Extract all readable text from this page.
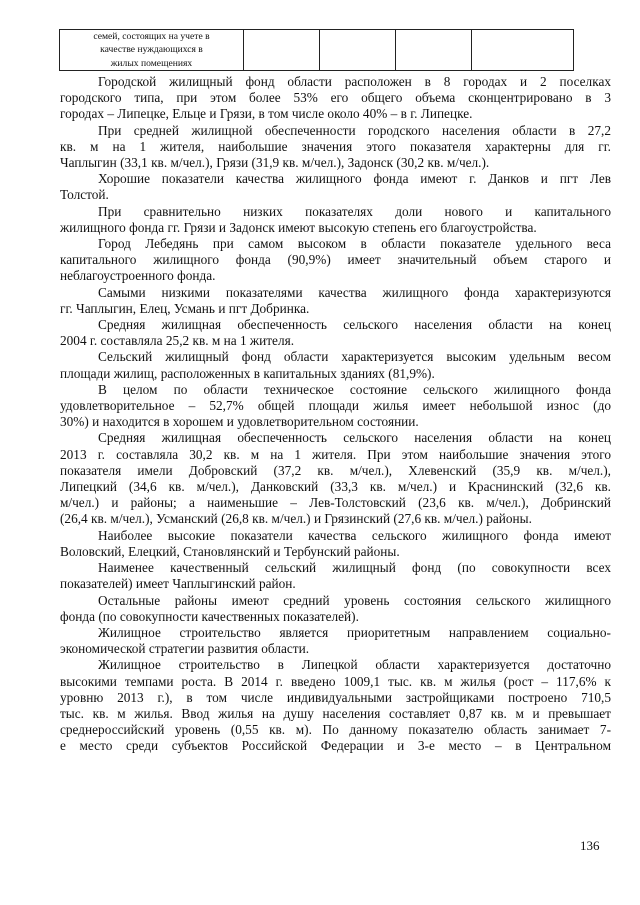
семей, состоящих на учете в
качестве нуждающихся в
жилых помещениях

Городской жилищный фонд области расположен в 8 городах и 2 поселках
городского типа, при этом более 53% его общего объема сконцентрировано в 3
городах – Липецке, Ельце и Грязи, в том числе около 40% – в г. Липецке.
При средней жилищной обеспеченности городского населения области в 27,2
кв. м на 1 жителя, наибольшие значения этого показателя характерны для гг.
Чаплыгин (33,1 кв. м/чел.), Грязи (31,9 кв. м/чел.), Задонск (30,2 кв. м/чел.).
Хорошие показатели качества жилищного фонда имеют г. Данков и пгт Лев
Толстой.
При сравнительно низких показателях доли нового и капитального
жилищного фонда гг. Грязи и Задонск имеют высокую степень его благоустройства.
Город Лебедянь при самом высоком в области показателе удельного веса
капитального жилищного фонда (90,9%) имеет значительный объем старого и
неблагоустроенного фонда.
Самыми низкими показателями качества жилищного фонда характеризуются
гг. Чаплыгин, Елец, Усмань и пгт Добринка.
Средняя жилищная обеспеченность сельского населения области на конец
2004 г. составляла 25,2 кв. м на 1 жителя.
Сельский жилищный фонд области характеризуется высоким удельным весом
площади жилищ, расположенных в капитальных зданиях (81,9%).
В целом по области техническое состояние сельского жилищного фонда
удовлетворительное – 52,7% общей площади жилья имеет небольшой износ (до
30%) и находится в хорошем и удовлетворительном состоянии.
Средняя жилищная обеспеченность сельского населения области на конец
2013 г. составляла 30,2 кв. м на 1 жителя. При этом наибольшие значения этого
показателя имели Добровский (37,2 кв. м/чел.), Хлевенский (35,9 кв. м/чел.),
Липецкий (34,6 кв. м/чел.), Данковский (33,3 кв. м/чел.) и Краснинский (32,6 кв.
м/чел.) и районы; а наименьшие – Лев-Толстовский (23,6 кв. м/чел.), Добринский
(26,4 кв. м/чел.), Усманский (26,8 кв. м/чел.) и Грязинский (27,6 кв. м/чел.) районы.
Наиболее высокие показатели качества сельского жилищного фонда имеют
Воловский, Елецкий, Становлянский и Тербунский районы.
Наименее качественный сельский жилищный фонд (по совокупности всех
показателей) имеет Чаплыгинский район.
Остальные районы имеют средний уровень состояния сельского жилищного
фонда (по совокупности качественных показателей).
Жилищное строительство является приоритетным направлением социально-
экономической стратегии развития области.
Жилищное строительство в Липецкой области характеризуется достаточно
высокими темпами роста. В 2014 г. введено 1009,1 тыс. кв. м жилья (рост – 117,6% к
уровню 2013 г.), в том числе индивидуальными застройщиками построено 710,5
тыс. кв. м жилья. Ввод жилья на душу населения составляет 0,87 кв. м и превышает
среднероссийский уровень (0,55 кв. м). По данному показателю область занимает 7-
е место среди субъектов Российской Федерации и 3-е место – в Центральном
136
